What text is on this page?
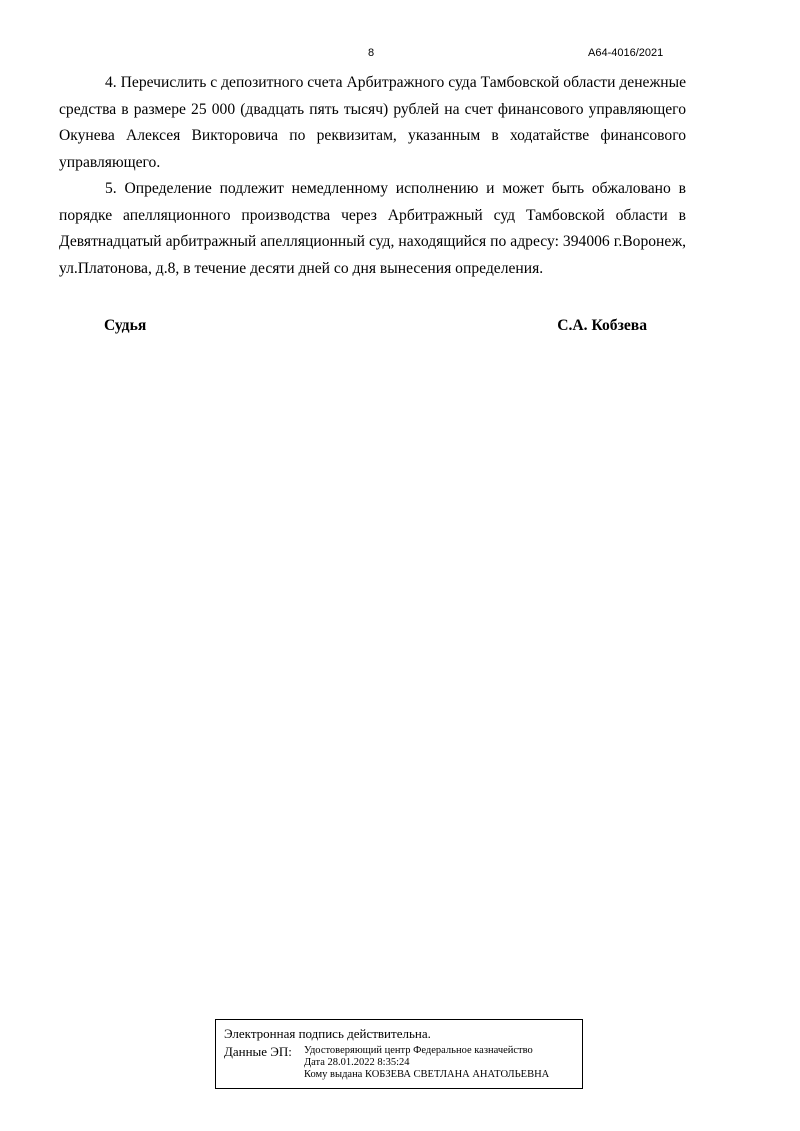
8	А64-4016/2021

4. Перечислить с депозитного счета Арбитражного суда Тамбовской области денежные средства в размере 25 000 (двадцать пять тысяч) рублей на счет финансового управляющего Окунева Алексея Викторовича по реквизитам, указанным в ходатайстве финансового управляющего.

5. Определение подлежит немедленному исполнению и может быть обжаловано в порядке апелляционного производства через Арбитражный суд Тамбовской области в Девятнадцатый арбитражный апелляционный суд, находящийся по адресу: 394006 г.Воронеж, ул.Платонова, д.8, в течение десяти дней со дня вынесения определения.

Судья	С.А. Кобзева
Электронная подпись действительна.
Данные ЭП:	Удостоверяющий центр Федеральное казначейство
Дата 28.01.2022 8:35:24
Кому выдана КОБЗЕВА СВЕТЛАНА АНАТОЛЬЕВНА
